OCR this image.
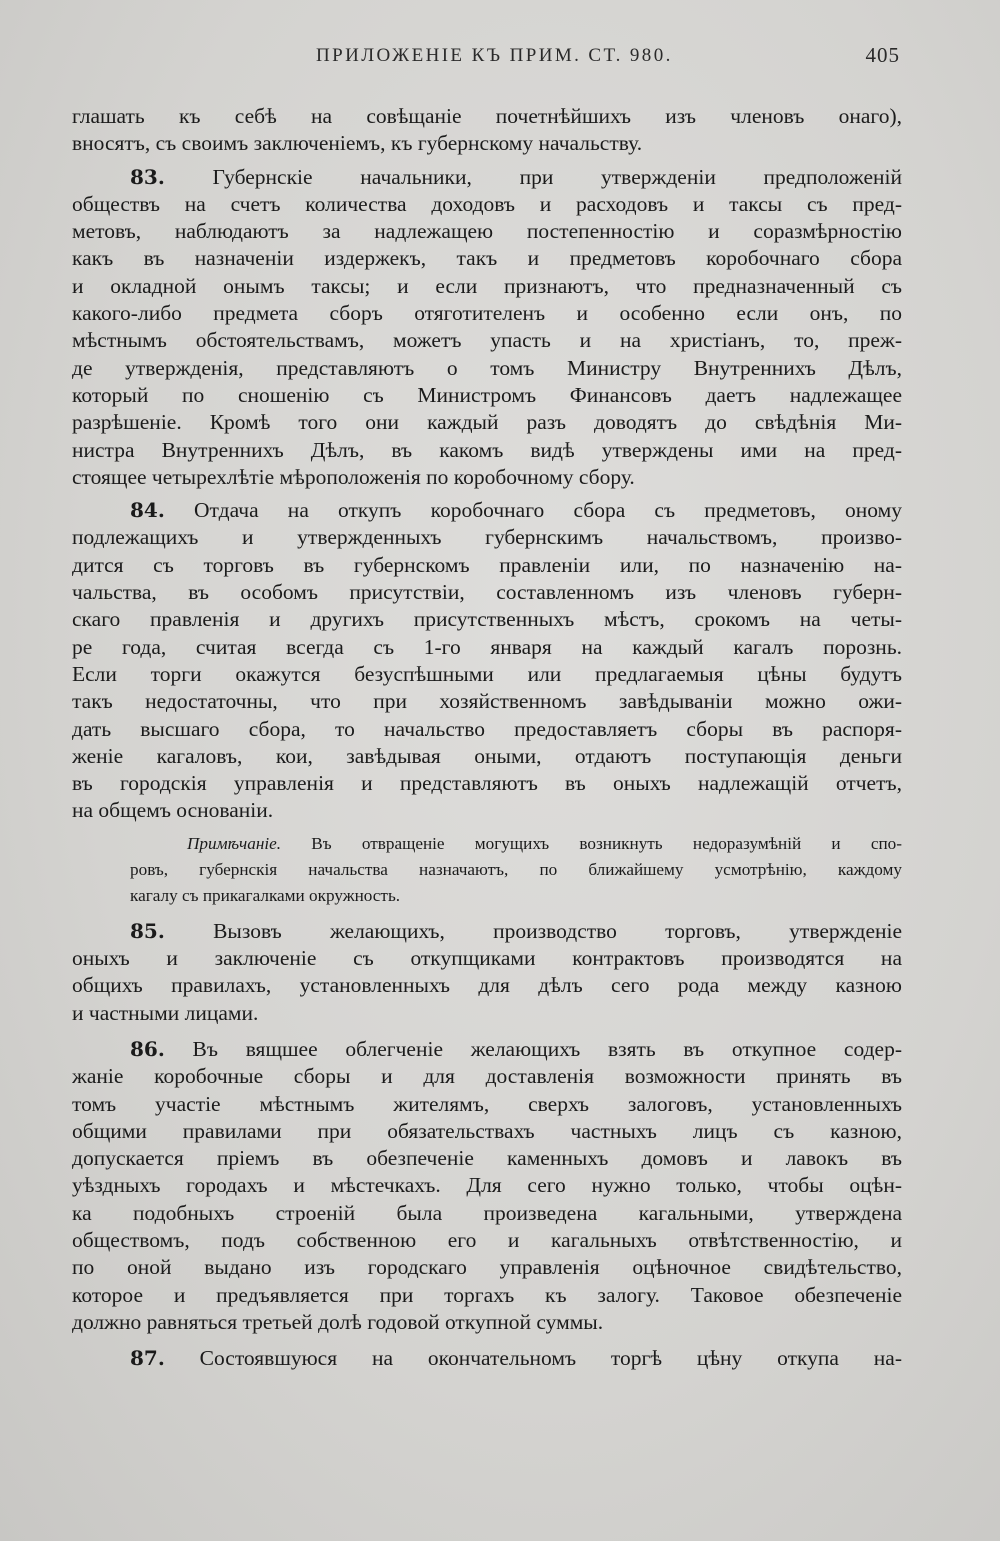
ПРИЛОЖЕНІЕ КЪ ПРИМ. СТ. 980.	405
глашать къ себѣ на совѣщаніе почетнѣйшихъ изъ членовъ онаго),
вносятъ, съ своимъ заключеніемъ, къ губернскому начальству.
83. Губернскіе начальники, при утвержденіи предположеній
обществъ на счетъ количества доходовъ и расходовъ и таксы съ пред-
метовъ, наблюдаютъ за надлежащею постепенностію и соразмѣрностію
какъ въ назначеніи издержекъ, такъ и предметовъ коробочнаго сбора
и окладной онымъ таксы; и если признаютъ, что предназначенный съ
какого-либо предмета сборъ отяготителенъ и особенно если онъ, по
мѣстнымъ обстоятельствамъ, можетъ упасть и на христіанъ, то, преж-
де утвержденія, представляютъ о томъ Министру Внутреннихъ Дѣлъ,
который по сношенію съ Министромъ Финансовъ даетъ надлежащее
разрѣшеніе. Кромѣ того они каждый разъ доводятъ до свѣдѣнія Ми-
нистра Внутреннихъ Дѣлъ, въ какомъ видѣ утверждены ими на пред-
стоящее четырехлѣтіе мѣроположенія по коробочному сбору.
84. Отдача на откупъ коробочнаго сбора съ предметовъ, оному
подлежащихъ и утвержденныхъ губернскимъ начальствомъ, произво-
дится съ торговъ въ губернскомъ правленіи или, по назначенію на-
чальства, въ особомъ присутствіи, составленномъ изъ членовъ губерн-
скаго правленія и другихъ присутственныхъ мѣстъ, срокомъ на четы-
ре года, считая всегда съ 1-го января на каждый кагалъ порознь.
Если торги окажутся безуспѣшными или предлагаемыя цѣны будутъ
такъ недостаточны, что при хозяйственномъ завѣдываніи можно ожи-
дать высшаго сбора, то начальство предоставляетъ сборы въ распоря-
женіе кагаловъ, кои, завѣдывая оными, отдаютъ поступающія деньги
въ городскія управленія и представляютъ въ оныхъ надлежащій отчетъ,
на общемъ основаніи.
Примѣчаніе. Въ отвращеніе могущихъ возникнуть недоразумѣній и спо-
ровъ, губернскія начальства назначаютъ, по ближайшему усмотрѣнію, каждому
кагалу съ прикагалками окружность.
85. Вызовъ желающихъ, производство торговъ, утвержденіе
оныхъ и заключеніе съ откупщиками контрактовъ производятся на
общихъ правилахъ, установленныхъ для дѣлъ сего рода между казною
и частными лицами.
86. Въ вящшее облегченіе желающихъ взять въ откупное содер-
жаніе коробочные сборы и для доставленія возможности принять въ
томъ участіе мѣстнымъ жителямъ, сверхъ залоговъ, установленныхъ
общими правилами при обязательствахъ частныхъ лицъ съ казною,
допускается пріемъ въ обезпеченіе каменныхъ домовъ и лавокъ въ
уѣздныхъ городахъ и мѣстечкахъ. Для сего нужно только, чтобы оцѣн-
ка подобныхъ строеній была произведена кагальными, утверждена
обществомъ, подъ собственною его и кагальныхъ отвѣтственностію, и
по оной выдано изъ городскаго управленія оцѣночное свидѣтельство,
которое и предъявляется при торгахъ къ залогу. Таковое обезпеченіе
должно равняться третьей долѣ годовой откупной суммы.
87. Состоявшуюся на окончательномъ торгѣ цѣну откупа на-
